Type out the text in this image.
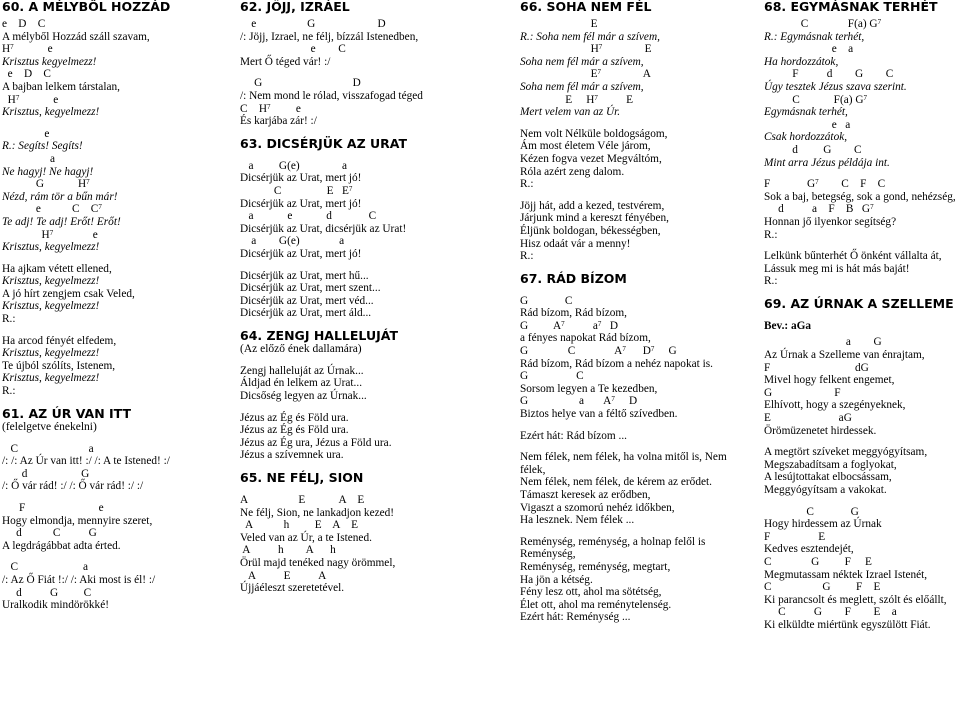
60. A MÉLYBŐL HOZZÁD
e    D    C
A mélyből Hozzád száll szavam,
$H^7$            e
Krisztus kegyelmezz!
e    D    C
A bajban lelkem társtalan,
$H^7$            e
Krisztus, kegyelmezz!
e
R.: Segíts! Segíts!
a
Ne hagyj! Ne hagyj!
G            $H^7$
Nézd, rám tör a bűn már!
e           C    $C^7$
Te adj! Te adj! Erőt! Erőt!
$H^7$              e
Krisztus, kegyelmezz!
Ha ajkam vétett ellened,
Krisztus, kegyelmezz!
A jó hírt zengjem csak Veled,
Krisztus, kegyelmezz!
R.:
Ha arcod fényét elfedem,
Krisztus, kegyelmezz!
Te újból szólíts, Istenem,
Krisztus, kegyelmezz!
R.:
61. AZ ÚR VAN ITT
(felelgetve énekelni)
C                         a
/: /: Az Úr van itt! :/ /: A te Istened! :/
d                   G
/: Ő vár rád! :/ /: Ő vár rád! :/ :/
F                          e
Hogy elmondja, mennyire szeret,
d           C          G
A legdrágábbat adta érted.
C                       a
/: Az Ő Fiát !:/ /: Aki most is él! :/
d          G         C
Uralkodik mindörökké!
62. JÖJJ, IZRÁEL
e                  G                      D
/: Jöjj, Izrael, ne félj, bízzál Istenedben,
e        C
Mert Ő téged vár! :/
G                                D
/: Nem mond le rólad, visszafogad téged
C    $H^7$         e
És karjába zár! :/
63. DICSÉRJÜK AZ URAT
a         G(e)               a
Dicsérjük az Urat, mert jó!
C                E   $E^7$
Dicsérjük az Urat, mert jó!
a            e            d             C
Dicsérjük az Urat, dicsérjük az Urat!
a        G(e)              a
Dicsérjük az Urat, mert jó!
Dicsérjük az Urat, mert hű...
Dicsérjük az Urat, mert szent...
Dicsérjük az Urat, mert véd...
Dicsérjük az Urat, mert áld...
64. ZENGJ HALLELUJÁT
(Az előző ének dallamára)
Zengj halleluját az Úrnak...
Áldjad én lelkem az Urat...
Dicsőség legyen az Úrnak...
Jézus az Ég és Föld ura.
Jézus az Ég és Föld ura.
Jézus az Ég ura, Jézus a Föld ura.
Jézus a szívemnek ura.
65. NE FÉLJ, SION
A                  E            A    E
Ne félj, Sion, ne lankadjon kezed!
A           h         E    A    E
Veled van az Úr, a te Istened.
A          h        A      h
Örül majd tenéked nagy örömmel,
A          E          A
Újjáéleszt szeretetével.
66. SOHA NEM FÉL
E
R.: Soha nem fél már a szívem,
$H^7$               E
Soha nem fél már a szívem,
$E^7$               A
Soha nem fél már a szívem,
E     $H^7$          E
Mert velem van az Úr.
Nem volt Nélküle boldogságom,
Ám most életem Véle járom,
Kézen fogva vezet Megváltóm,
Róla azért zeng dalom.
R.:
Jöjj hát, add a kezed, testvérem,
Járjunk mind a kereszt fényében,
Éljünk boldogan, békességben,
Hisz odaát vár a menny!
R.:
67. RÁD BÍZOM
G             C
Rád bízom, Rád bízom,
G         $A^7$          $a^7$   D
a fényes napokat Rád bízom,
G              C              $A^7$      $D^7$     G
Rád bízom, Rád bízom a nehéz napokat is.
G                 C
Sorsom legyen a Te kezedben,
G                  a       $A^7$     D
Biztos helye van a féltő szívedben.
Ezért hát: Rád bízom ...
Nem félek, nem félek, ha volna mitől is, Nem
félek,
Nem félek, nem félek, de kérem az erődet.
Támaszt keresek az erődben,
Vigaszt a szomorú nehéz időkben,
Ha lesznek. Nem félek ...
Reménység, reménység, a holnap felől is
Reménység,
Reménység, reménység, megtart,
Ha jön a kétség.
Fény lesz ott, ahol ma sötétség,
Élet ott, ahol ma reménytelenség.
Ezért hát: Reménység ...
68. EGYMÁSNAK TERHÉT
C              F(a) $G^7$
R.: Egymásnak terhét,
e    a
Ha hordozzátok,
F          d        G        C
Úgy tesztek Jézus szava szerint.
C            F(a) $G^7$
Egymásnak terhét,
e   a
Csak hordozzátok,
d         G        C
Mint arra Jézus példája int.
F             $G^7$        C    F    C
Sok a baj, betegség, sok a gond, nehézség,
d          a    F    B   $G^7$
Honnan jő ilyenkor segítség?
R.:
Lelkünk bűnterhét Ő önként vállalta át,
Lássuk meg mi is hát más baját!
R.:
69. AZ ÚRNAK A SZELLEME
Bev.: aGa
a        G
Az Úrnak a Szelleme van énrajtam,
F                              dG
Mivel hogy felkent engemet,
G                      F
Elhívott, hogy a szegényeknek,
E                        aG
Örömüzenetet hirdessek.
A megtört szíveket meggyógyítsam,
Megszabadítsam a foglyokat,
A lesújtottakat elbocsássam,
Meggyógyítsam a vakokat.
C             G
Hogy hirdessem az Úrnak
F                 E
Kedves esztendejét,
C              G         F     E
Megmutassam néktek Izrael Istenét,
C                  G         F    E
Ki parancsolt és meglett, szólt és előállt,
C          G        F        E    a
Ki elküldte miértünk egyszülött Fiát.
